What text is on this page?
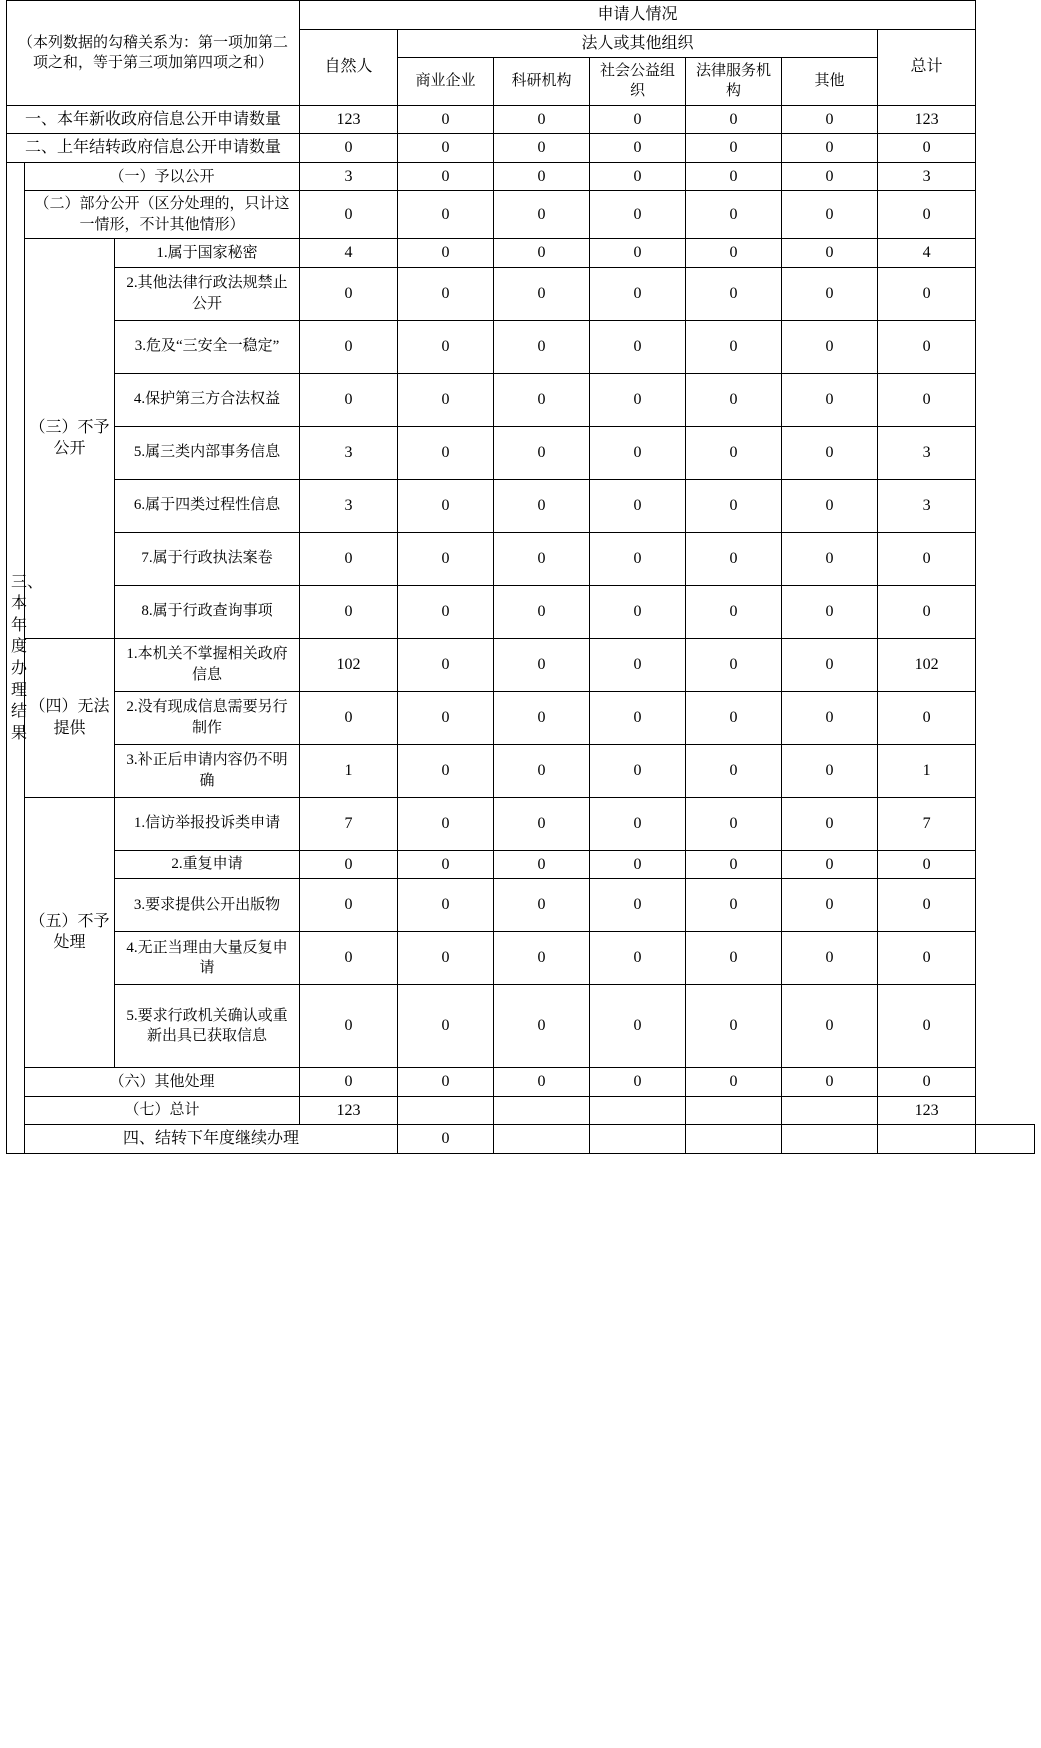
（本列数据的勾稽关系为：第一项加第二项之和，等于第三项加第四项之和）			申请人情况							
			自然人	法人或其他组织					总计	
				商业企业	科研机构	社会公益组织	法律服务机构	其他		
一、本年新收政府信息公开申请数量			123	0	0	0	0	0	123	
二、上年结转政府信息公开申请数量			0	0	0	0	0	0	0	
三、本年度办理结果	（一）予以公开		3	0	0	0	0	0	3	
	（二）部分公开（区分处理的，只计这一情形，不计其他情形）		0	0	0	0	0	0	0	
	（三）不予公开	1.属于国家秘密	4	0	0	0	0	0	4	
		2.其他法律行政法规禁止公开	0	0	0	0	0	0	0	
		3.危及“三安全一稳定”	0	0	0	0	0	0	0	
		4.保护第三方合法权益	0	0	0	0	0	0	0	
		5.属三类内部事务信息	3	0	0	0	0	0	3	
		6.属于四类过程性信息	3	0	0	0	0	0	3	
		7.属于行政执法案卷	0	0	0	0	0	0	0	
		8.属于行政查询事项	0	0	0	0	0	0	0	
	（四）无法提供	1.本机关不掌握相关政府信息	102	0	0	0	0	0	102	
		2.没有现成信息需要另行制作	0	0	0	0	0	0	0	
		3.补正后申请内容仍不明确	1	0	0	0	0	0	1	
	（五）不予处理	1.信访举报投诉类申请	7	0	0	0	0	0	7	
		2.重复申请	0	0	0	0	0	0	0	
		3.要求提供公开出版物	0	0	0	0	0	0	0	
		4.无正当理由大量反复申请	0	0	0	0	0	0	0	
		5.要求行政机关确认或重新出具已获取信息	0	0	0	0	0	0	0	
	（六）其他处理		0	0	0	0	0	0	0	
	（七）总计		123						123	
	四、结转下年度继续办理			0						
